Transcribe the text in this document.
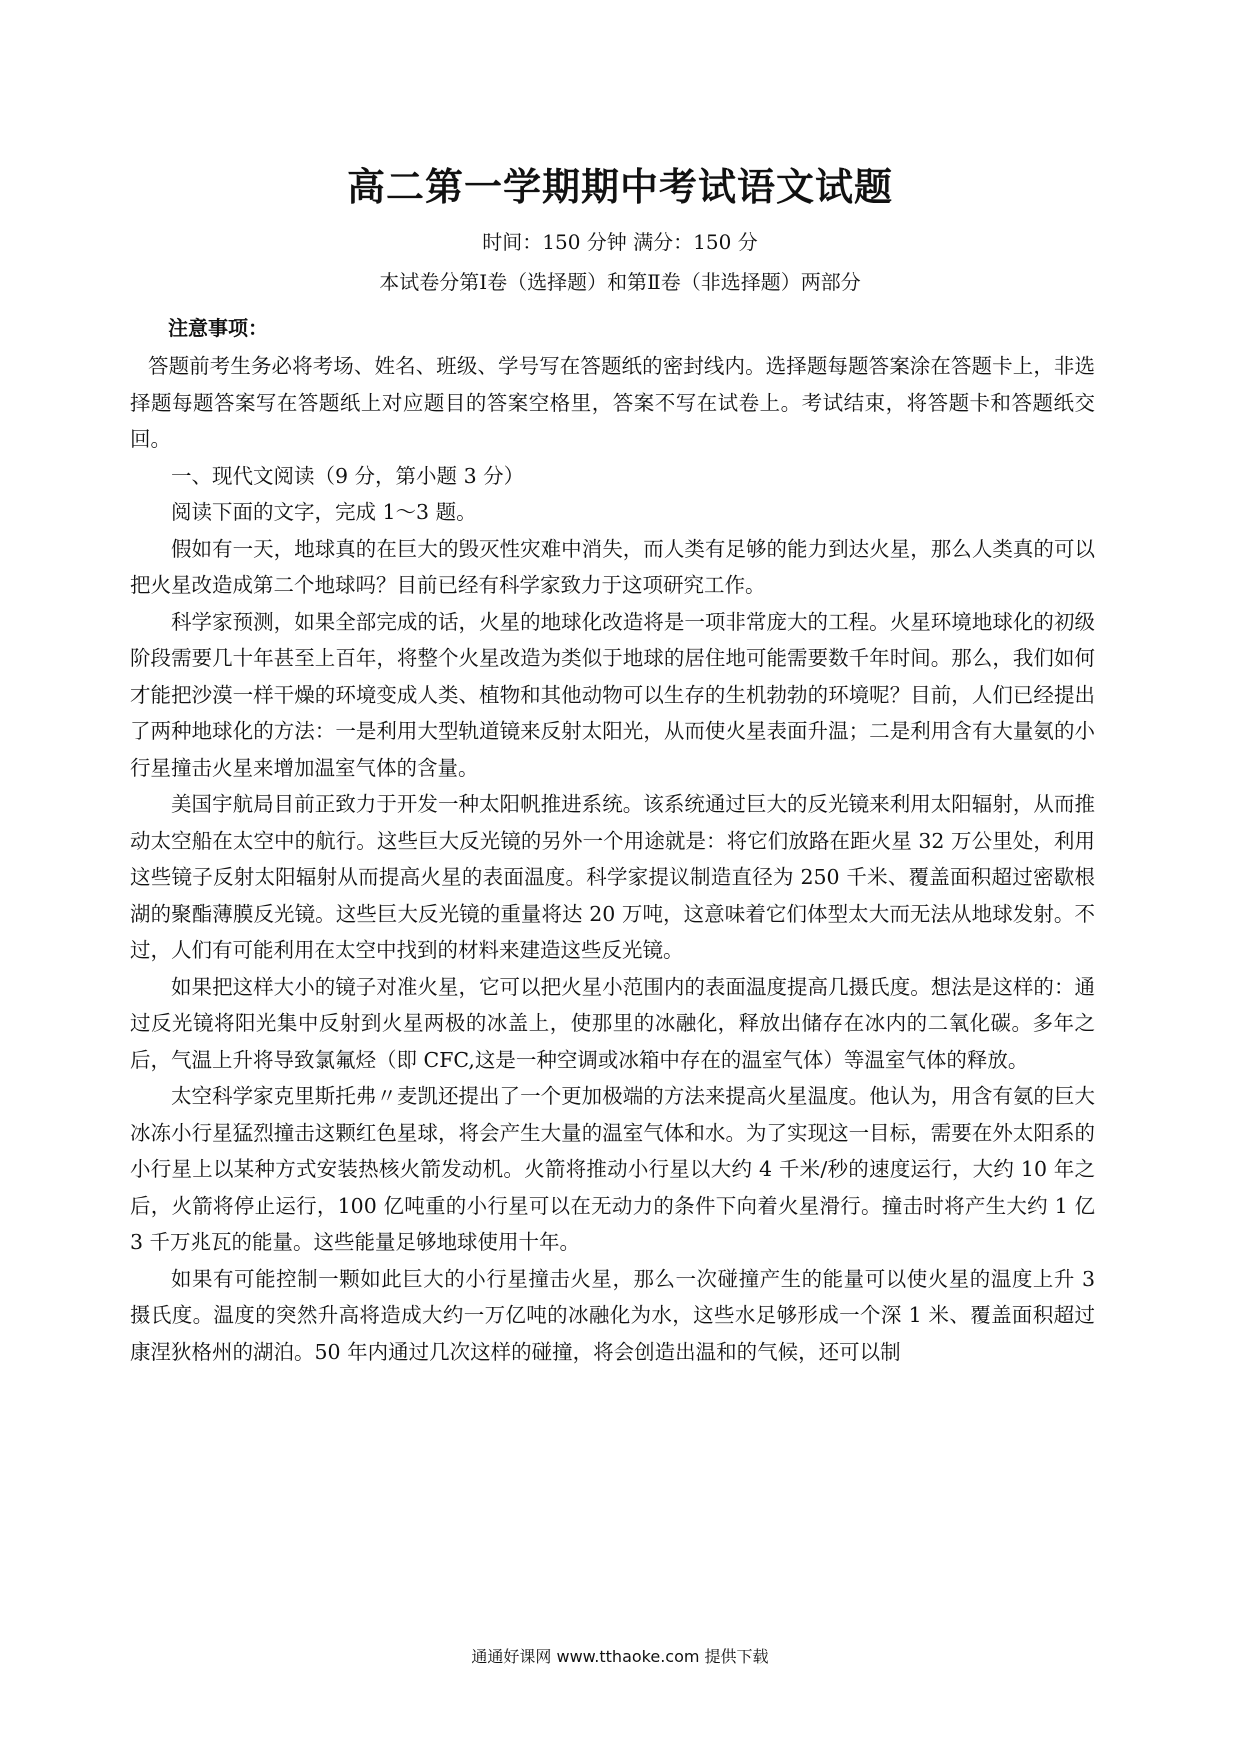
高二第一学期期中考试语文试题
时间：150 分钟 满分：150 分
本试卷分第Ⅰ卷（选择题）和第Ⅱ卷（非选择题）两部分
注意事项：

答题前考生务必将考场、姓名、班级、学号写在答题纸的密封线内。选择题每题答案涂在答题卡上，非选择题每题答案写在答题纸上对应题目的答案空格里，答案不写在试卷上。考试结束，将答题卡和答题纸交回。

一、现代文阅读（9 分，第小题 3 分）

阅读下面的文字，完成 1～3 题。

假如有一天，地球真的在巨大的毁灭性灾难中消失，而人类有足够的能力到达火星，那么人类真的可以把火星改造成第二个地球吗？目前已经有科学家致力于这项研究工作。

科学家预测，如果全部完成的话，火星的地球化改造将是一项非常庞大的工程。火星环境地球化的初级阶段需要几十年甚至上百年，将整个火星改造为类似于地球的居住地可能需要数千年时间。那么，我们如何才能把沙漠一样干燥的环境变成人类、植物和其他动物可以生存的生机勃勃的环境呢？目前，人们已经提出了两种地球化的方法：一是利用大型轨道镜来反射太阳光，从而使火星表面升温；二是利用含有大量氨的小行星撞击火星来增加温室气体的含量。

美国宇航局目前正致力于开发一种太阳帆推进系统。该系统通过巨大的反光镜来利用太阳辐射，从而推动太空船在太空中的航行。这些巨大反光镜的另外一个用途就是：将它们放路在距火星 32 万公里处，利用这些镜子反射太阳辐射从而提高火星的表面温度。科学家提议制造直径为 250 千米、覆盖面积超过密歇根湖的聚酯薄膜反光镜。这些巨大反光镜的重量将达 20 万吨，这意味着它们体型太大而无法从地球发射。不过，人们有可能利用在太空中找到的材料来建造这些反光镜。

如果把这样大小的镜子对准火星，它可以把火星小范围内的表面温度提高几摄氏度。想法是这样的：通过反光镜将阳光集中反射到火星两极的冰盖上，使那里的冰融化，释放出储存在冰内的二氧化碳。多年之后，气温上升将导致氯氟烃（即 CFC,这是一种空调或冰箱中存在的温室气体）等温室气体的释放。

太空科学家克里斯托弗〃麦凯还提出了一个更加极端的方法来提高火星温度。他认为，用含有氨的巨大冰冻小行星猛烈撞击这颗红色星球，将会产生大量的温室气体和水。为了实现这一目标，需要在外太阳系的小行星上以某种方式安装热核火箭发动机。火箭将推动小行星以大约 4 千米/秒的速度运行，大约 10 年之后，火箭将停止运行，100 亿吨重的小行星可以在无动力的条件下向着火星滑行。撞击时将产生大约 1 亿 3 千万兆瓦的能量。这些能量足够地球使用十年。

如果有可能控制一颗如此巨大的小行星撞击火星，那么一次碰撞产生的能量可以使火星的温度上升 3 摄氏度。温度的突然升高将造成大约一万亿吨的冰融化为水，这些水足够形成一个深 1 米、覆盖面积超过康涅狄格州的湖泊。50 年内通过几次这样的碰撞，将会创造出温和的气候，还可以制

通通好课网 www.tthaoke.com 提供下载
